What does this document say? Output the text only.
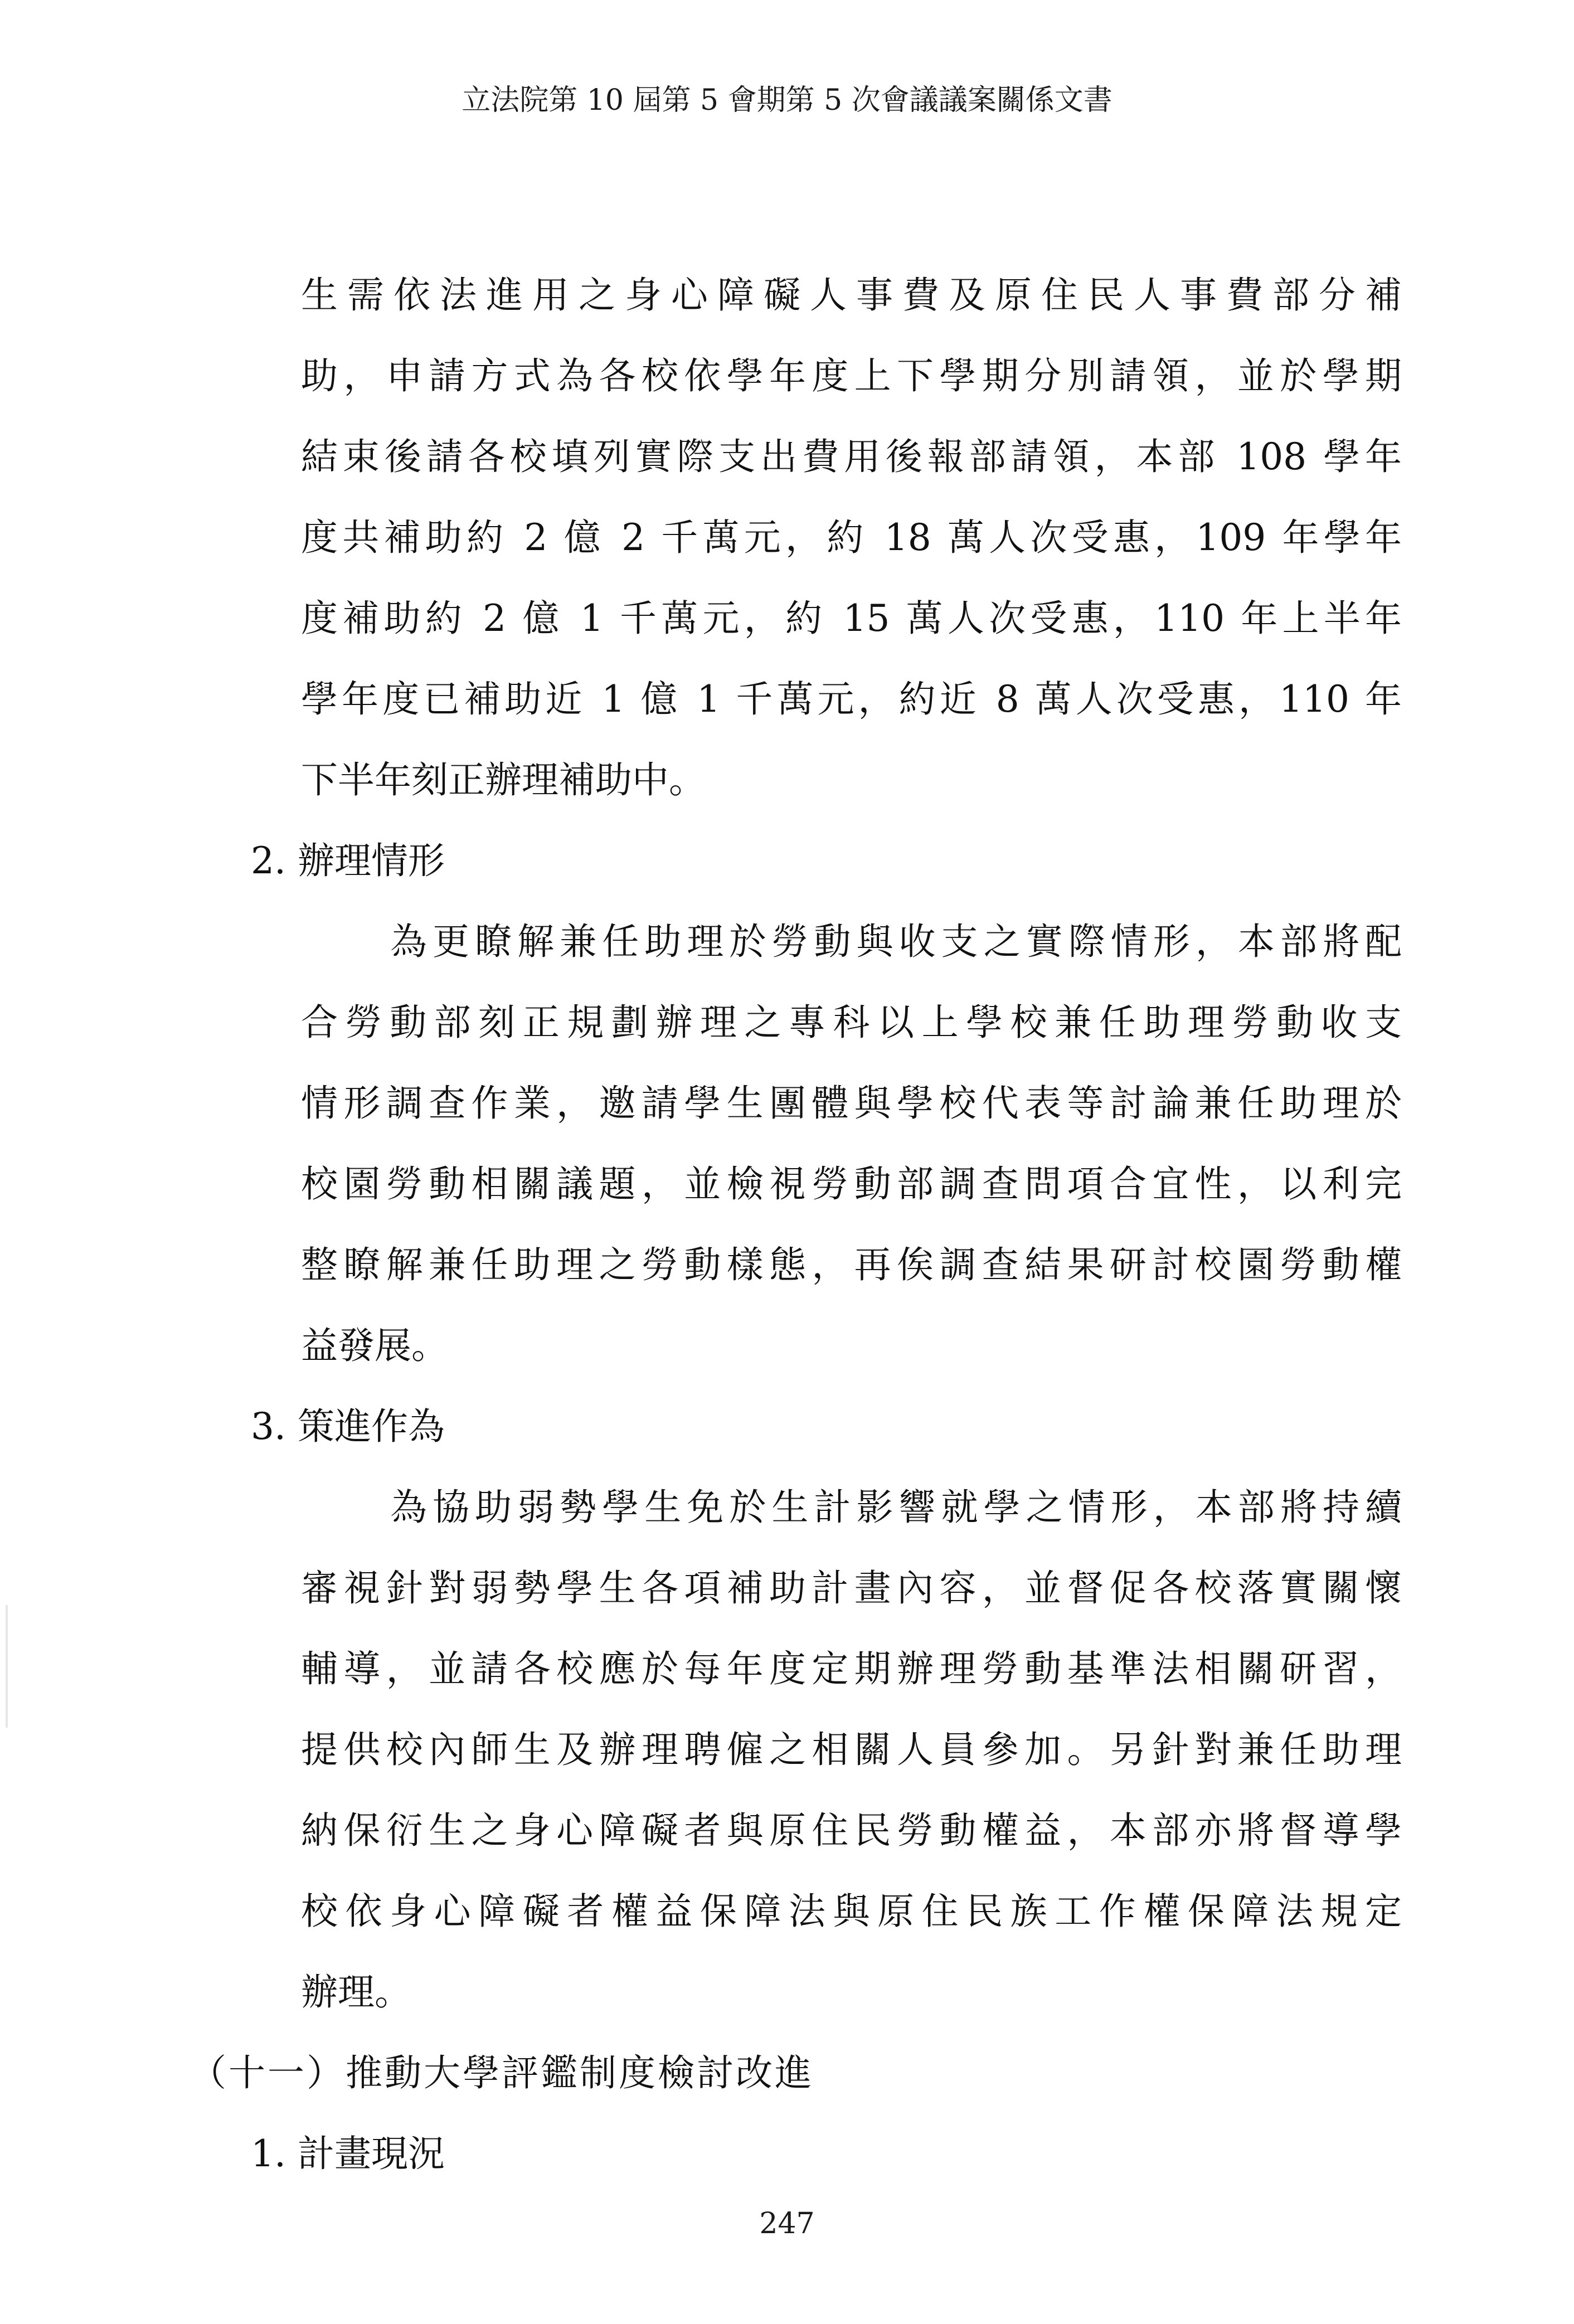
立法院第 10 屆第 5 會期第 5 次會議議案關係文書
生需依法進用之身心障礙人事費及原住民人事費部分補
助，申請方式為各校依學年度上下學期分別請領，並於學期
結束後請各校填列實際支出費用後報部請領，本部 108 學年
度共補助約 2 億 2 千萬元，約 18 萬人次受惠，109 年學年
度補助約 2 億 1 千萬元，約 15 萬人次受惠，110 年上半年
學年度已補助近 1 億 1 千萬元，約近 8 萬人次受惠，110 年
下半年刻正辦理補助中。
2. 辦理情形
為更瞭解兼任助理於勞動與收支之實際情形，本部將配
合勞動部刻正規劃辦理之專科以上學校兼任助理勞動收支
情形調查作業，邀請學生團體與學校代表等討論兼任助理於
校園勞動相關議題，並檢視勞動部調查問項合宜性，以利完
整瞭解兼任助理之勞動樣態，再俟調查結果研討校園勞動權
益發展。
3. 策進作為
為協助弱勢學生免於生計影響就學之情形，本部將持續
審視針對弱勢學生各項補助計畫內容，並督促各校落實關懷
輔導，並請各校應於每年度定期辦理勞動基準法相關研習，
提供校內師生及辦理聘僱之相關人員參加。另針對兼任助理
納保衍生之身心障礙者與原住民勞動權益，本部亦將督導學
校依身心障礙者權益保障法與原住民族工作權保障法規定
辦理。
（十一）推動大學評鑑制度檢討改進
1. 計畫現況
247
